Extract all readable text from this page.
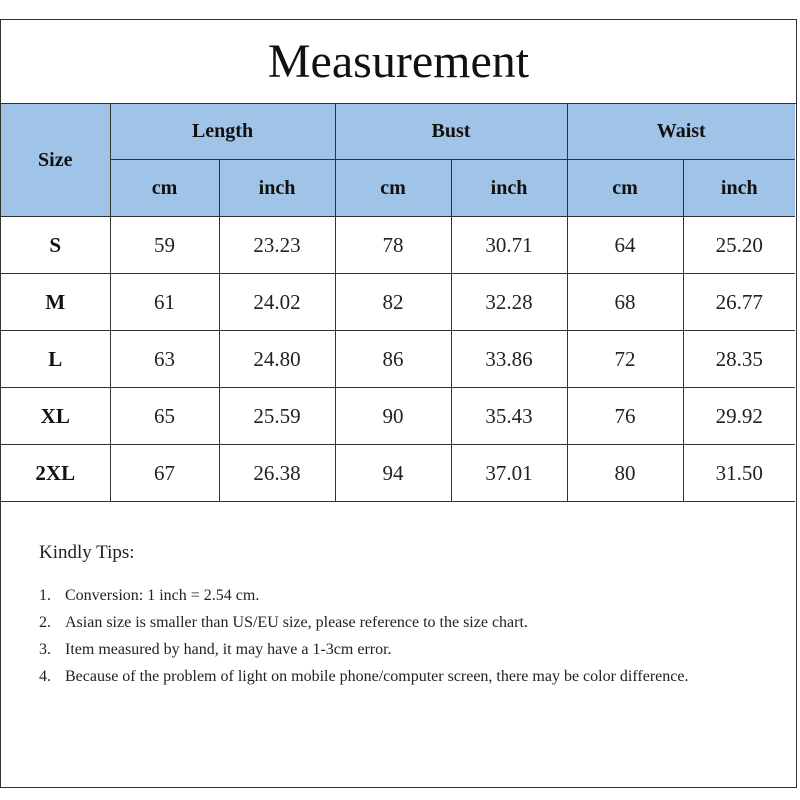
Measurement
Size	Length		Bust		Waist	
	cm	inch	cm	inch	cm	inch
S	59	23.23	78	30.71	64	25.20
M	61	24.02	82	32.28	68	26.77
L	63	24.80	86	33.86	72	28.35
XL	65	25.59	90	35.43	76	29.92
2XL	67	26.38	94	37.01	80	31.50
Kindly Tips:
1. Conversion: 1 inch = 2.54 cm.
2. Asian size is smaller than US/EU size, please reference to the size chart.
3. Item measured by hand, it may have a 1-3cm error.
4. Because of the problem of light on mobile phone/computer screen, there may be color difference.
